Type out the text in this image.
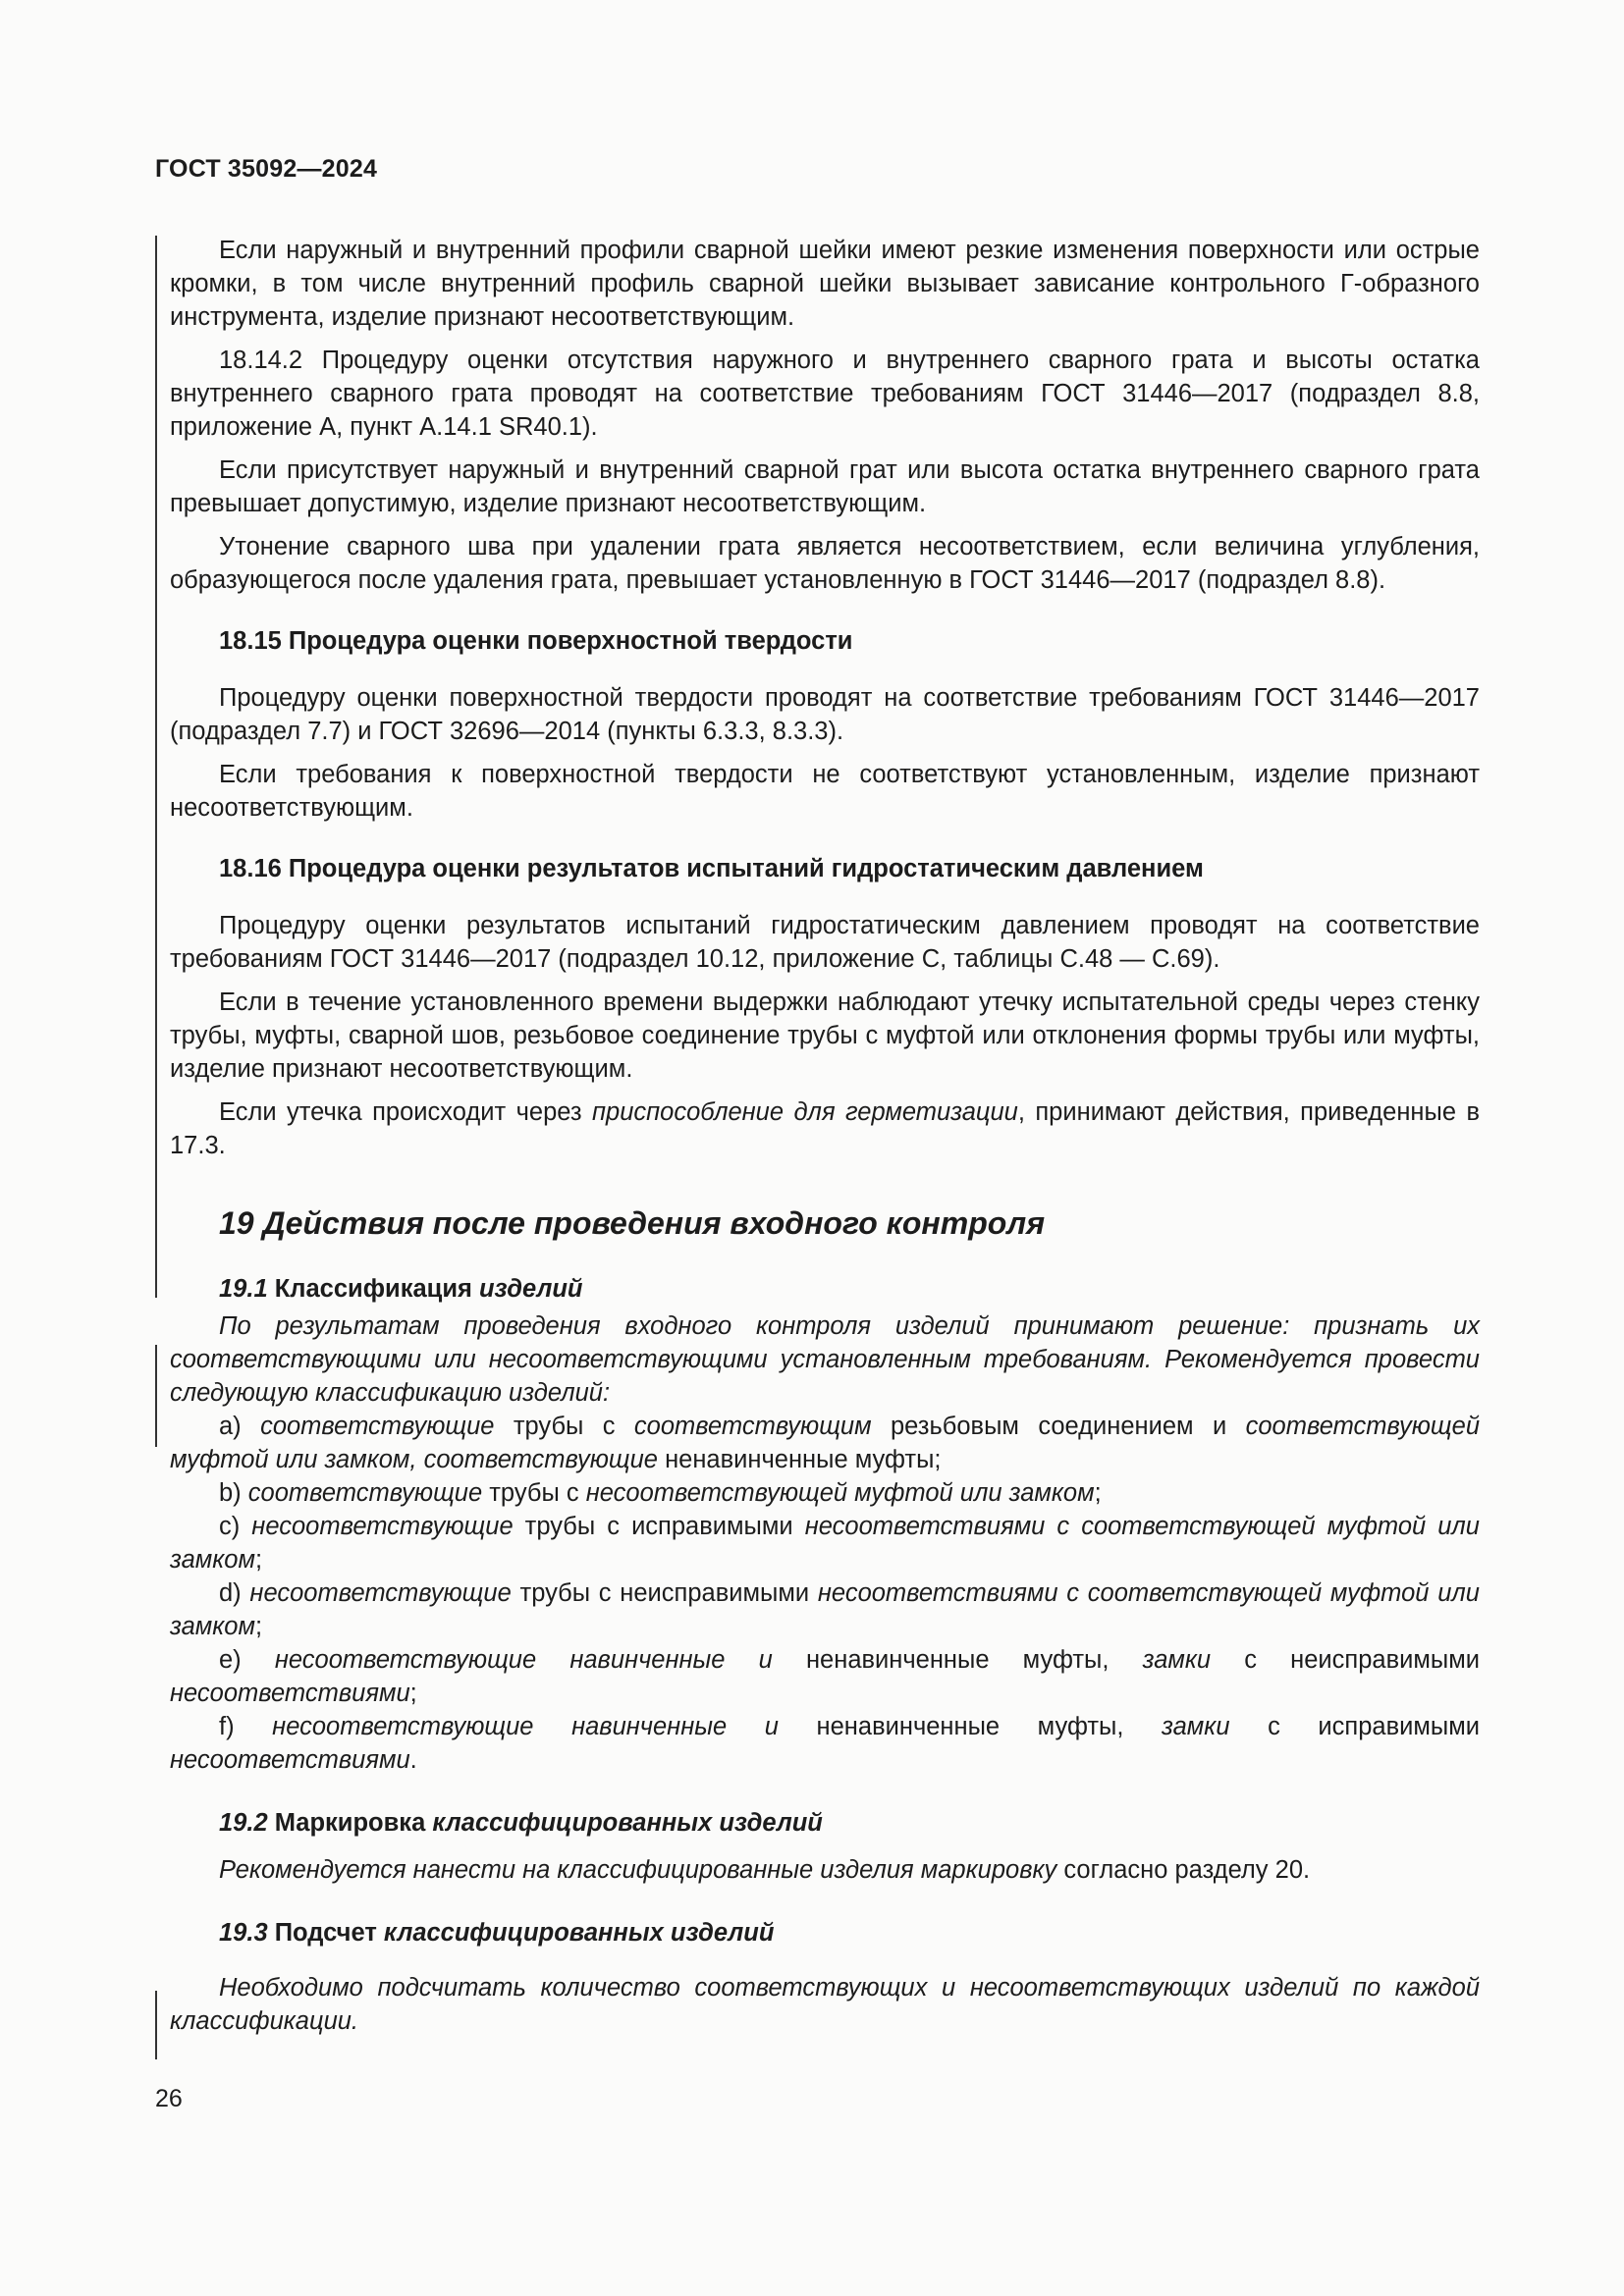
ГОСТ 35092—2024

Если наружный и внутренний профили сварной шейки имеют резкие изменения поверхности или острые кромки, в том числе внутренний профиль сварной шейки вызывает зависание контрольного Г-образного инструмента, изделие признают несоответствующим.

18.14.2 Процедуру оценки отсутствия наружного и внутреннего сварного грата и высоты остатка внутреннего сварного грата проводят на соответствие требованиям ГОСТ 31446—2017 (подраздел 8.8, приложение A, пункт A.14.1 SR40.1).

Если присутствует наружный и внутренний сварной грат или высота остатка внутреннего сварного грата превышает допустимую, изделие признают несоответствующим.

Утонение сварного шва при удалении грата является несоответствием, если величина углубления, образующегося после удаления грата, превышает установленную в ГОСТ 31446—2017 (подраздел 8.8).

18.15 Процедура оценки поверхностной твердости

Процедуру оценки поверхностной твердости проводят на соответствие требованиям ГОСТ 31446—2017 (подраздел 7.7) и ГОСТ 32696—2014 (пункты 6.3.3, 8.3.3).

Если требования к поверхностной твердости не соответствуют установленным, изделие признают несоответствующим.

18.16 Процедура оценки результатов испытаний гидростатическим давлением

Процедуру оценки результатов испытаний гидростатическим давлением проводят на соответствие требованиям ГОСТ 31446—2017 (подраздел 10.12, приложение С, таблицы С.48 — С.69).

Если в течение установленного времени выдержки наблюдают утечку испытательной среды через стенку трубы, муфты, сварной шов, резьбовое соединение трубы с муфтой или отклонения формы трубы или муфты, изделие признают несоответствующим.

Если утечка происходит через приспособление для герметизации, принимают действия, приведенные в 17.3.

19 Действия после проведения входного контроля
19.1 Классификация изделий

По результатам проведения входного контроля изделий принимают решение: признать их соответствующими или несоответствующими установленным требованиям. Рекомендуется провести следующую классификацию изделий:

a) соответствующие трубы с соответствующим резьбовым соединением и соответствующей муфтой или замком, соответствующие ненавинченные муфты;

b) соответствующие трубы с несоответствующей муфтой или замком;

c) несоответствующие трубы с исправимыми несоответствиями с соответствующей муфтой или замком;

d) несоответствующие трубы с неисправимыми несоответствиями с соответствующей муфтой или замком;

e) несоответствующие навинченные и ненавинченные муфты, замки с неисправимыми несоответствиями;

f) несоответствующие навинченные и ненавинченные муфты, замки с исправимыми несоответствиями.

19.2 Маркировка классифицированных изделий

Рекомендуется нанести на классифицированные изделия маркировку согласно разделу 20.

19.3 Подсчет классифицированных изделий

Необходимо подсчитать количество соответствующих и несоответствующих изделий по каждой классификации.

26
